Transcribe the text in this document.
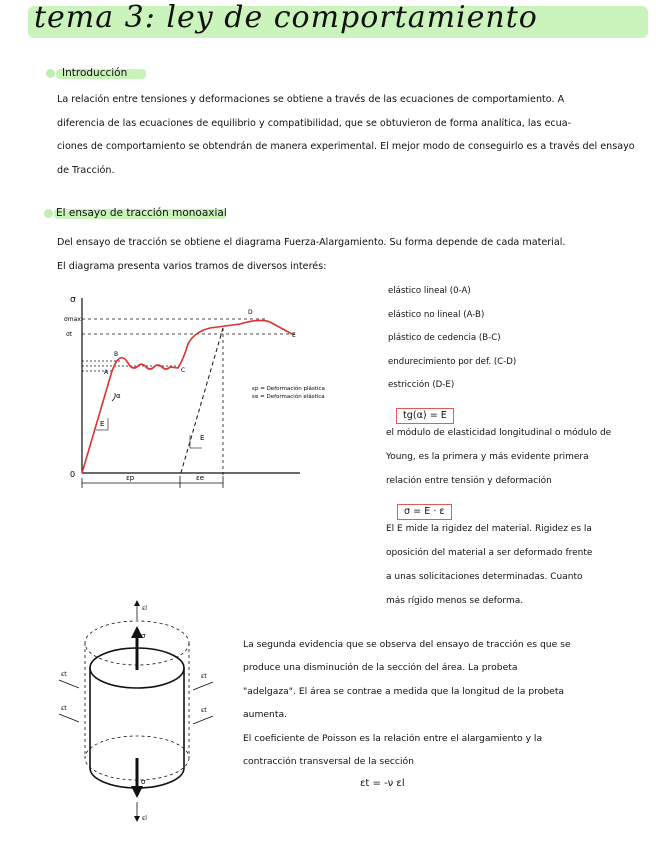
tema 3: ley de comportamiento
Introducción
La relación entre tensiones y deformaciones se obtiene a través de las ecuaciones de comportamiento. A
diferencia de las ecuaciones de equilibrio y compatibilidad, que se obtuvieron de forma analítica, las ecua-
ciones de comportamiento se obtendrán de manera experimental. El mejor modo de conseguirlo es a través del ensayo
de Tracción.
El ensayo de tracción monoaxial
Del ensayo de tracción se obtiene el diagrama Fuerza-Alargamiento. Su forma depende de cada material.
El diagrama presenta varios tramos de diversos interés:
σ
σmax
σt
0
A
B
C
D
E
α
E
E
εp	εe
εp = Deformación plástica
εe = Deformación elástica
elástico lineal (0-A)
elástico no lineal (A-B)
plástico de cedencia (B-C)
endurecimiento por def. (C-D)
estricción (D-E)
tg(α) = E
el módulo de elasticidad longitudinal o módulo de
Young, es la primera y más evidente primera
relación entre tensión y deformación
σ = E · ε
El E mide la rigidez del material. Rigidez es la
oposición del material a ser deformado frente
a unas solicitaciones determinadas. Cuanto
más rígido menos se deforma.
σ
σ
εl
εl
εt
εt
εt
εt
La segunda evidencia que se observa del ensayo de tracción es que se
produce una disminución de la sección del área. La probeta
"adelgaza". El área se contrae a medida que la longitud de la probeta
aumenta.
El coeficiente de Poisson es la relación entre el alargamiento y la
contracción transversal de la sección
εt = -ν εl
